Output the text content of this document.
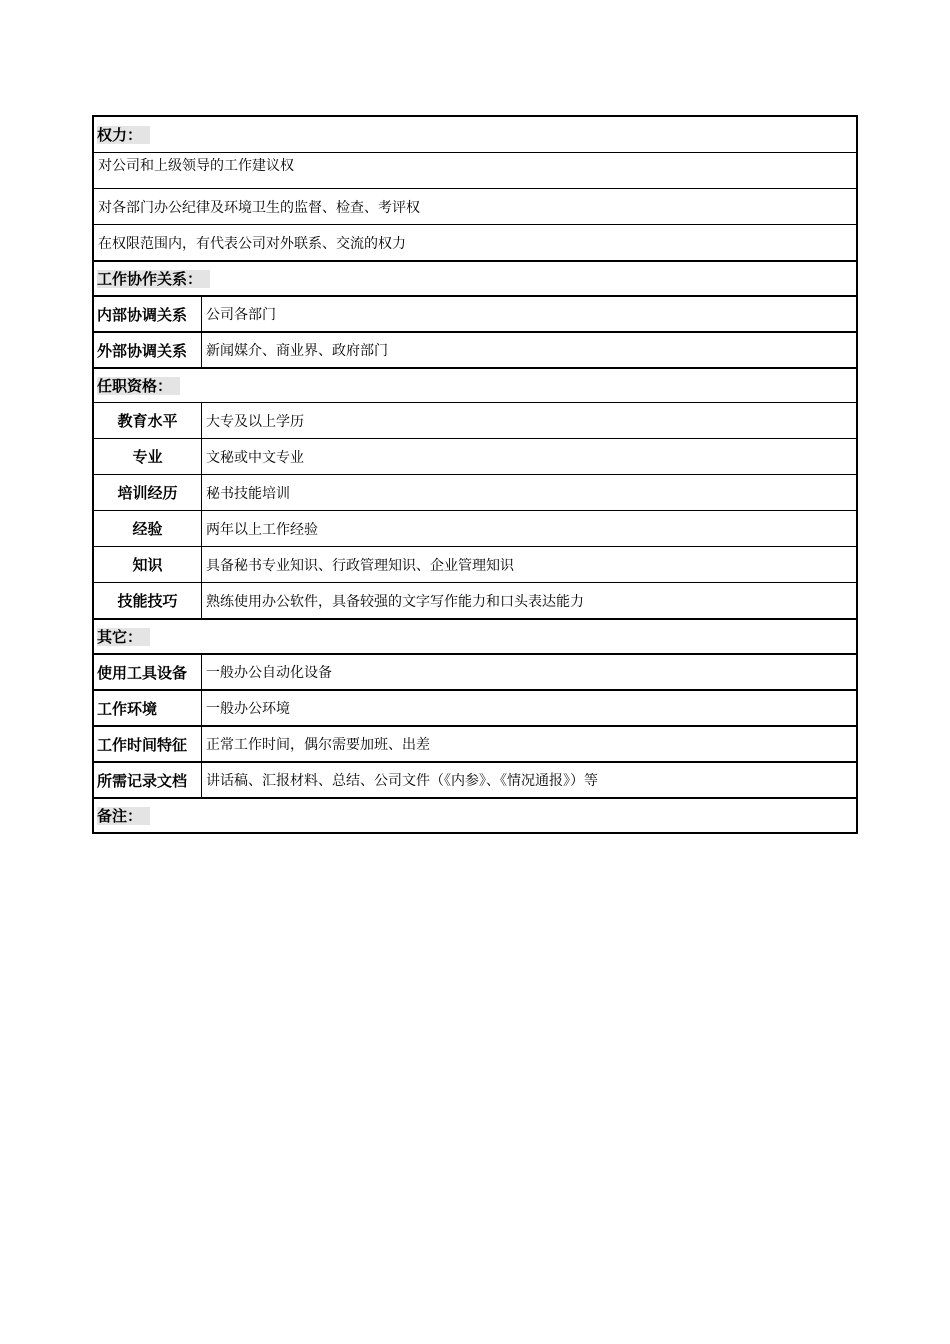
权力：
对公司和上级领导的工作建议权
对各部门办公纪律及环境卫生的监督、检查、考评权
在权限范围内，有代表公司对外联系、交流的权力
工作协作关系：
内部协调关系	公司各部门
外部协调关系	新闻媒介、商业界、政府部门
任职资格：
教育水平	大专及以上学历
专业	文秘或中文专业
培训经历	秘书技能培训
经验	两年以上工作经验
知识	具备秘书专业知识、行政管理知识、企业管理知识
技能技巧	熟练使用办公软件，具备较强的文字写作能力和口头表达能力
其它：
使用工具设备	一般办公自动化设备
工作环境	一般办公环境
工作时间特征	正常工作时间，偶尔需要加班、出差
所需记录文档	讲话稿、汇报材料、总结、公司文件（《内参》、《情况通报》）等
备注：
